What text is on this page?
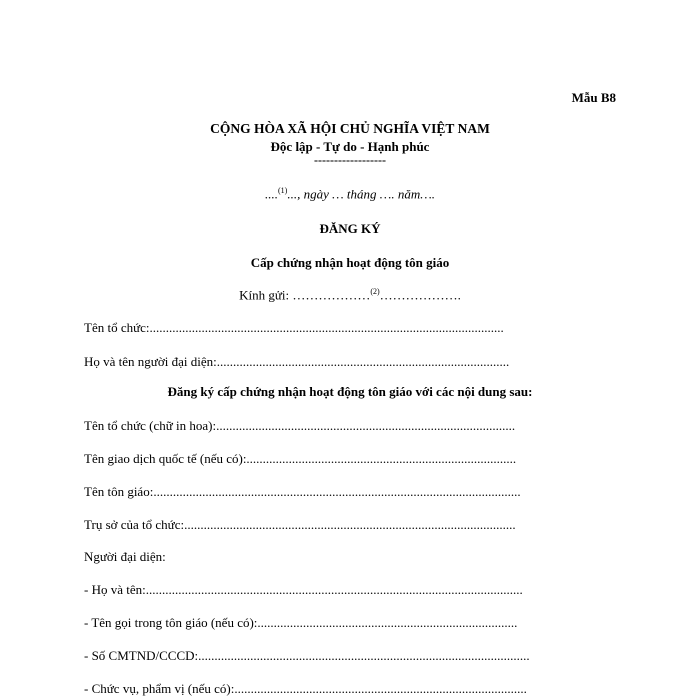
Mẫu B8
CỘNG HÒA XÃ HỘI CHỦ NGHĨA VIỆT NAM
Độc lập - Tự do - Hạnh phúc
------------------
....$^{(1)}$..., ngày … tháng …. năm….
ĐĂNG KÝ
Cấp chứng nhận hoạt động tôn giáo
Kính gửi: ………………$^{(2)}$……………….
Tên tổ chức:.............................................................................................................
Họ và tên người đại diện:..........................................................................................
Đăng ký cấp chứng nhận hoạt động tôn giáo với các nội dung sau:
Tên tổ chức (chữ in hoa):............................................................................................
Tên giao dịch quốc tế (nếu có):...................................................................................
Tên tôn giáo:.................................................................................................................
Trụ sở của tổ chức:......................................................................................................
Người đại diện:
- Họ và tên:....................................................................................................................
- Tên gọi trong tôn giáo (nếu có):................................................................................
- Số CMTND/CCCD:......................................................................................................
- Chức vụ, phẩm vị (nếu có):..........................................................................................
